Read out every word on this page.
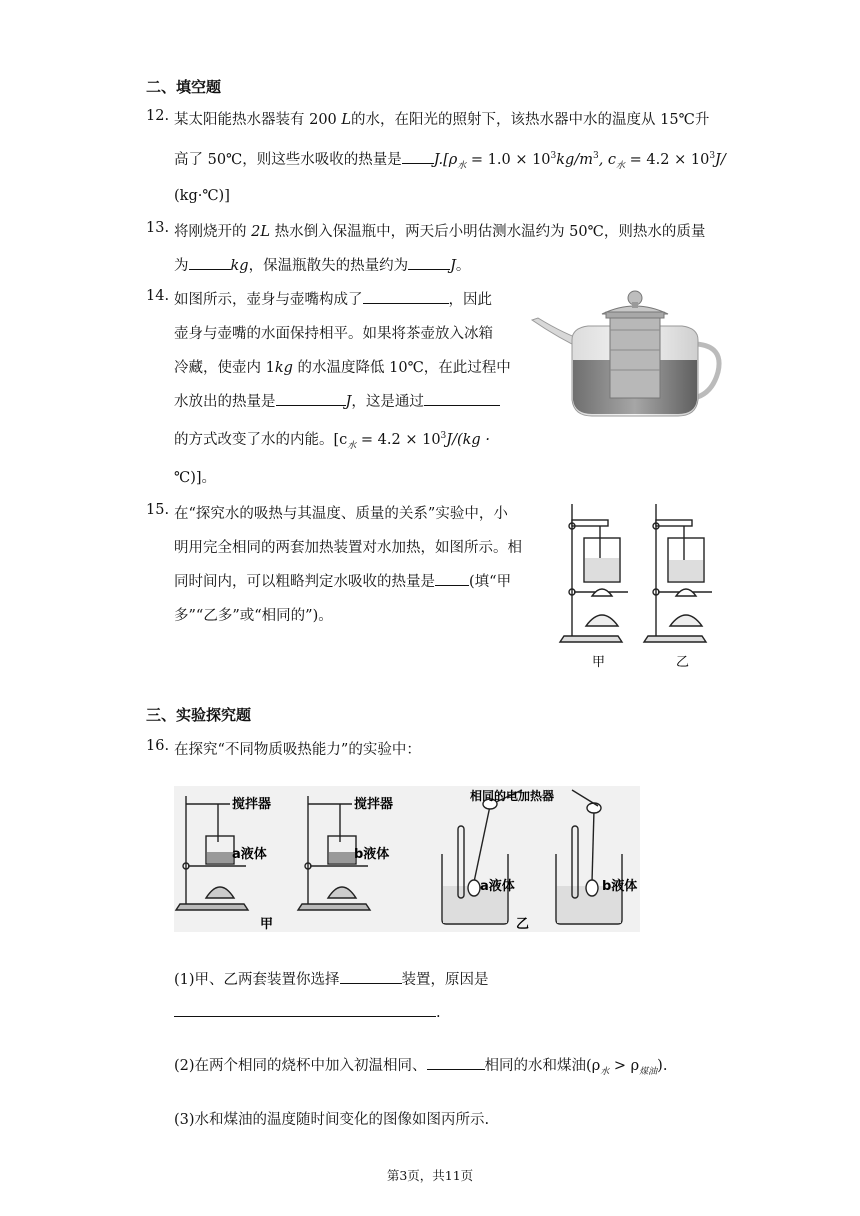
二、填空题
12. 某太阳能热水器装有 200 L的水，在阳光的照射下，该热水器中水的温度从 15℃升
高了 50℃，则这些水吸收的热量是 $J.[\rho_水 = 1.0 \times 10^3kg/m^3$, $c_水 = 4.2 \times 10^3J/$
(kg·℃)]
13. 将刚烧开的 2L 热水倒入保温瓶中，两天后小明估测水温约为 50℃，则热水的质量
为	kg，保温瓶散失的热量约为	J。
14. 如图所示，壶身与壶嘴构成了	，因此
壶身与壶嘴的水面保持相平。如果将茶壶放入冰箱
冷藏，使壶内 1kg 的水温度降低 10℃，在此过程中
水放出的热量是	J，这是通过
的方式改变了水的内能。[$c_水 = 4.2 \times 10^3J/(kg$ ·
℃)]。
15. 在“探究水的吸热与其温度、质量的关系”实验中，小
明用完全相同的两套加热装置对水加热，如图所示。相
同时间内，可以粗略判定水吸收的热量是 (填“甲
多”“乙多”或“相同的”)。
甲	乙
三、实验探究题
16. 在探究“不同物质吸热能力”的实验中：
搅拌器	搅拌器
a液体	b液体
相同的电加热器
a液体	b液体
甲	乙
(1)甲、乙两套装置你选择	装置，原因是
.
(2)在两个相同的烧杯中加入初温相同、	相同的水和煤油$(\rho_水 > \rho_{煤油})$.
(3)水和煤油的温度随时间变化的图像如图丙所示.
第3页，共11页
